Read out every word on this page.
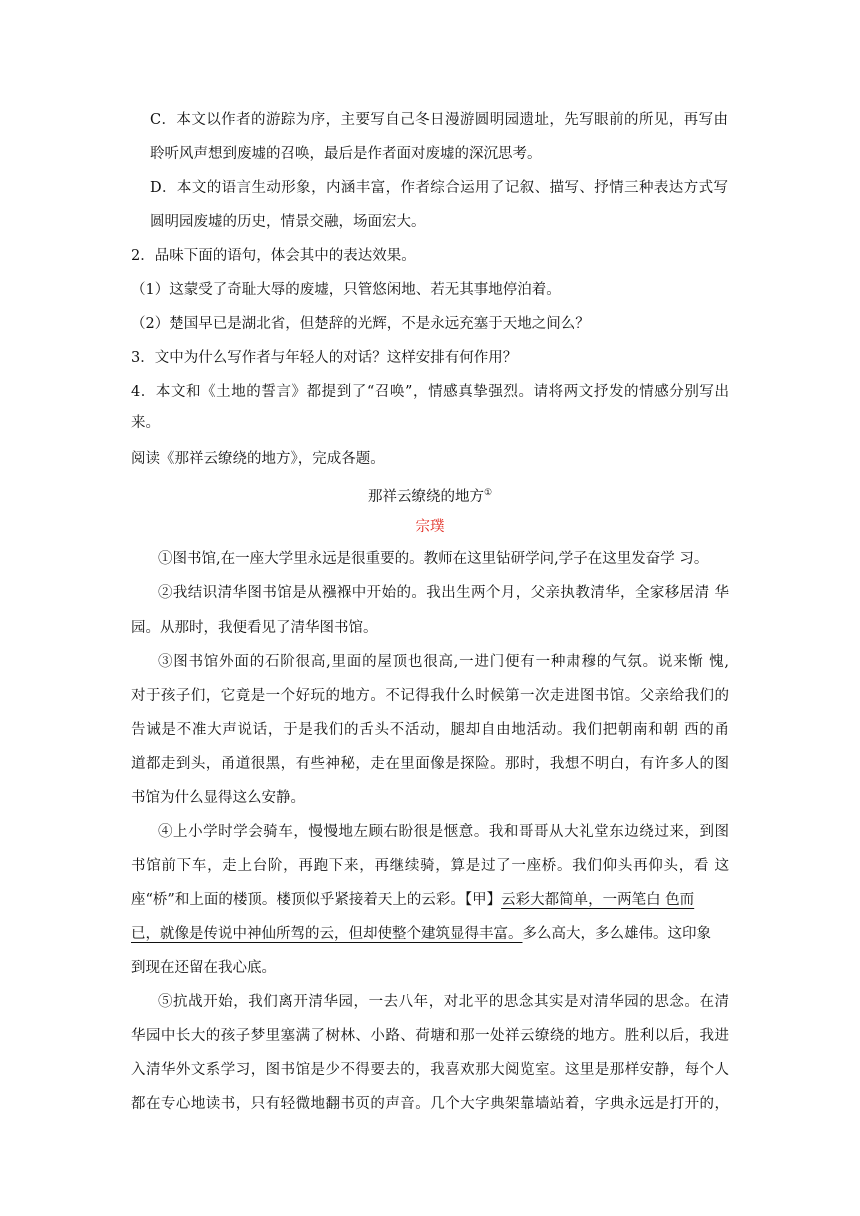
C．本文以作者的游踪为序，主要写自己冬日漫游圆明园遗址，先写眼前的所见，再写由
聆听风声想到废墟的召唤，最后是作者面对废墟的深沉思考。
D．本文的语言生动形象，内涵丰富，作者综合运用了记叙、描写、抒情三种表达方式写
圆明园废墟的历史，情景交融，场面宏大。
2．品味下面的语句，体会其中的表达效果。
（1）这蒙受了奇耻大辱的废墟，只管悠闲地、若无其事地停泊着。
（2）楚国早已是湖北省，但楚辞的光辉，不是永远充塞于天地之间么？
3．文中为什么写作者与年轻人的对话？这样安排有何作用？
4．本文和《土地的誓言》都提到了“召唤”，情感真挚强烈。请将两文抒发的情感分别写出
来。
阅读《那祥云缭绕的地方》，完成各题。
那祥云缭绕的地方①
宗璞
①图书馆,在一座大学里永远是很重要的。教师在这里钻研学问,学子在这里发奋学 习。
②我结识清华图书馆是从襁褓中开始的。我出生两个月，父亲执教清华，全家移居清 华
园。从那时，我便看见了清华图书馆。
③图书馆外面的石阶很高,里面的屋顶也很高,一进门便有一种肃穆的气氛。说来惭 愧,
对于孩子们，它竟是一个好玩的地方。不记得我什么时候第一次走进图书馆。父亲给我们的
告诫是不准大声说话，于是我们的舌头不活动，腿却自由地活动。我们把朝南和朝 西的甬
道都走到头，甬道很黑，有些神秘，走在里面像是探险。那时，我想不明白，有许多人的图
书馆为什么显得这么安静。
④上小学时学会骑车，慢慢地左顾右盼很是惬意。我和哥哥从大礼堂东边绕过来，到图
书馆前下车，走上台阶，再跑下来，再继续骑，算是过了一座桥。我们仰头再仰头，看 这
座“桥”和上面的楼顶。楼顶似乎紧接着天上的云彩。【甲】云彩大都简单，一两笔白 色而
已，就像是传说中神仙所驾的云，但却使整个建筑显得丰富。多么高大，多么雄伟。这印象
到现在还留在我心底。
⑤抗战开始，我们离开清华园，一去八年，对北平的思念其实是对清华园的思念。在清
华园中长大的孩子梦里塞满了树林、小路、荷塘和那一处祥云缭绕的地方。胜利以后，我进
入清华外文系学习，图书馆是少不得要去的，我喜欢那大阅览室。这里是那样安静，每个人
都在专心地读书，只有轻微地翻书页的声音。几个大字典架靠墙站着，字典永远是打开的，
